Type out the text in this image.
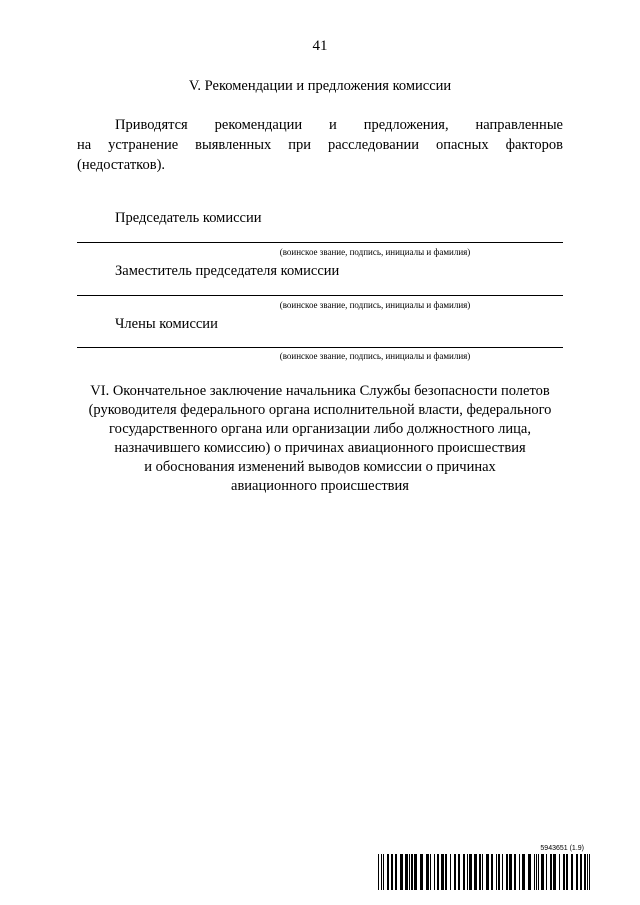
41
V. Рекомендации и предложения комиссии
Приводятся рекомендации и предложения, направленные
на устранение выявленных при расследовании опасных факторов
(недостатков).
Председатель комиссии
(воинское звание, подпись, инициалы и фамилия)
Заместитель председателя комиссии
(воинское звание, подпись, инициалы и фамилия)
Члены комиссии
(воинское звание, подпись, инициалы и фамилия)
VI. Окончательное заключение начальника Службы безопасности полетов
(руководителя федерального органа исполнительной власти, федерального
государственного органа или организации либо должностного лица,
назначившего комиссию) о причинах авиационного происшествия
и обоснования изменений выводов комиссии о причинах
авиационного происшествия
5943651 (1.9)
